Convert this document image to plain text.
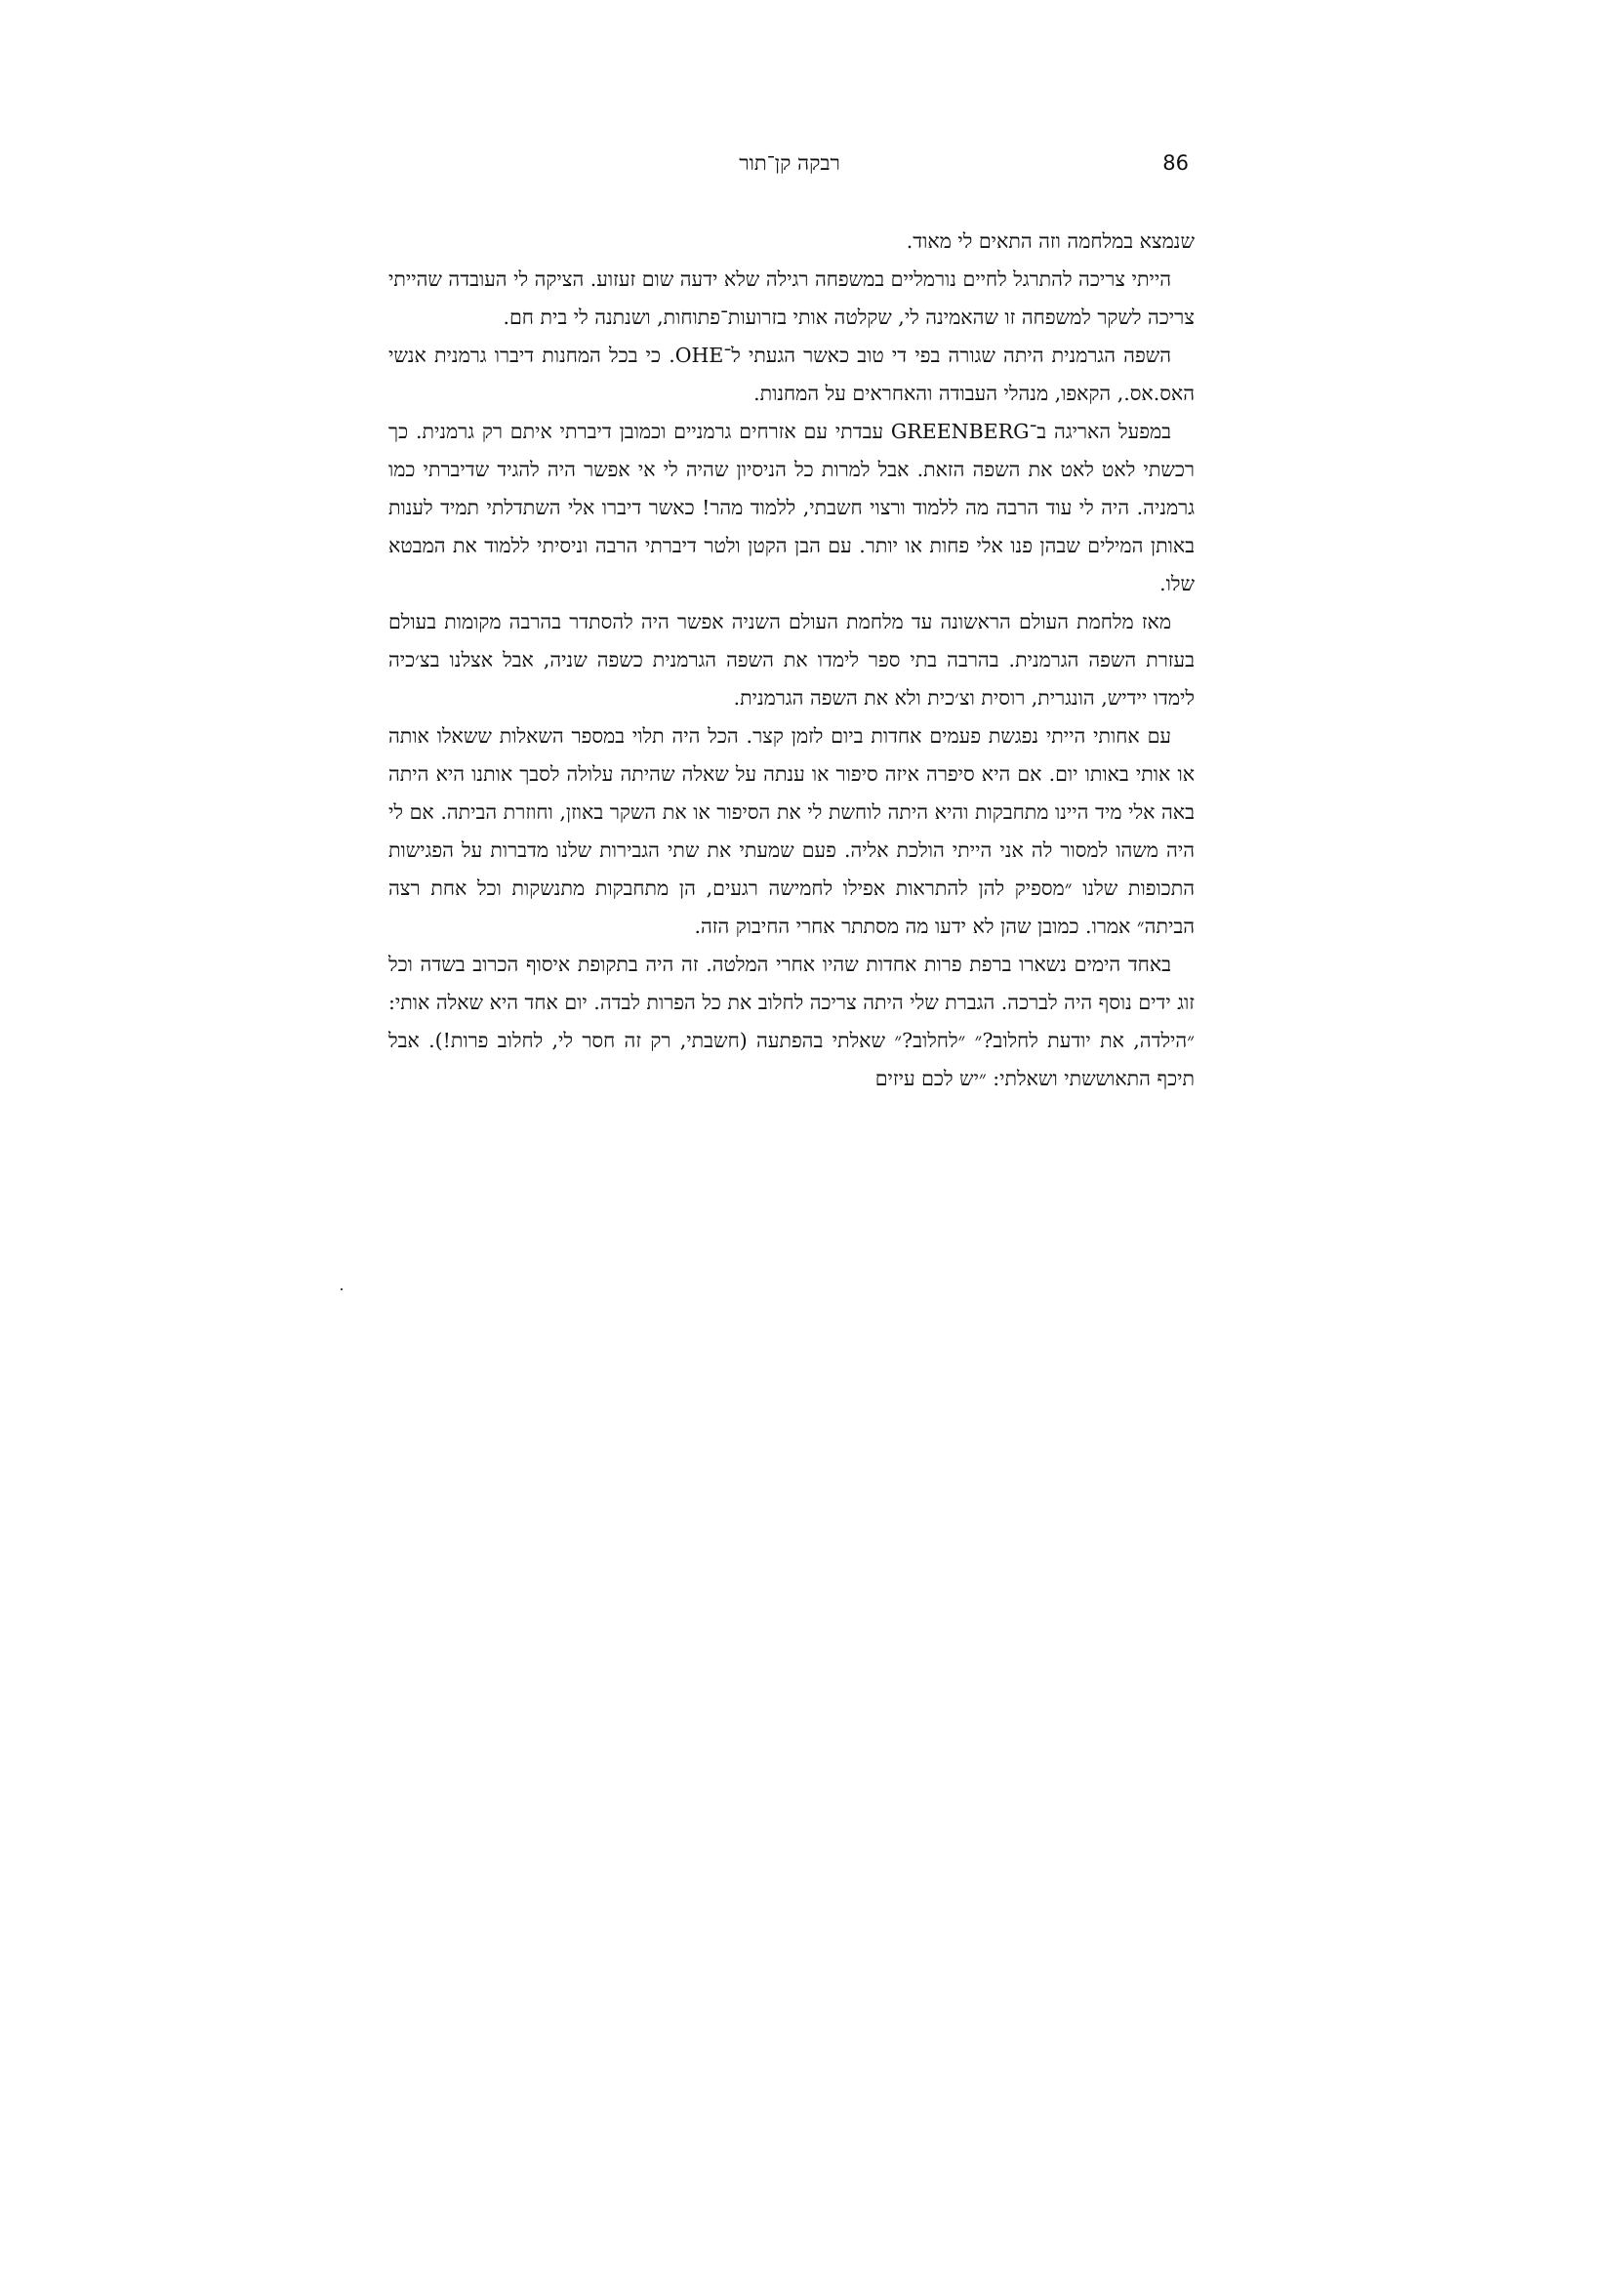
86
רבקה קן־תור

שנמצא במלחמה וזה התאים לי מאוד.

הייתי צריכה להתרגל לחיים נורמליים במשפחה רגילה שלא ידעה שום זעזוע. הציקה לי העובדה שהייתי צריכה לשקר למשפחה זו שהאמינה לי, שקלטה אותי בזרועות־פתוחות, ושנתנה לי בית חם.

השפה הגרמנית היתה שגורה בפי די טוב כאשר הגעתי ל־OHE. כי בכל המחנות דיברו גרמנית אנשי האס.אס., הקאפו, מנהלי העבודה והאחראים על המחנות.

במפעל האריגה ב־GREENBERG עבדתי עם אזרחים גרמניים וכמובן דיברתי איתם רק גרמנית. כך רכשתי לאט לאט את השפה הזאת. אבל למרות כל הניסיון שהיה לי אי אפשר היה להגיד שדיברתי כמו גרמניה. היה לי עוד הרבה מה ללמוד ורצוי חשבתי, ללמוד מהר! כאשר דיברו אלי השתדלתי תמיד לענות באותן המילים שבהן פנו אלי פחות או יותר. עם הבן הקטן ולטר דיברתי הרבה וניסיתי ללמוד את המבטא שלו.

מאז מלחמת העולם הראשונה עד מלחמת העולם השניה אפשר היה להסתדר בהרבה מקומות בעולם בעזרת השפה הגרמנית. בהרבה בתי ספר לימדו את השפה הגרמנית כשפה שניה, אבל אצלנו בצ׳כיה לימדו יידיש, הונגרית, רוסית וצ׳כית ולא את השפה הגרמנית.

עם אחותי הייתי נפגשת פעמים אחדות ביום לזמן קצר. הכל היה תלוי במספר השאלות ששאלו אותה או אותי באותו יום. אם היא סיפרה איזה סיפור או ענתה על שאלה שהיתה עלולה לסבך אותנו היא היתה באה אלי מיד היינו מתחבקות והיא היתה לוחשת לי את הסיפור או את השקר באוזן, וחוזרת הביתה. אם לי היה משהו למסור לה אני הייתי הולכת אליה. פעם שמעתי את שתי הגבירות שלנו מדברות על הפגישות התכופות שלנו ״מספיק להן להתראות אפילו לחמישה רגעים, הן מתחבקות מתנשקות וכל אחת רצה הביתה״ אמרו. כמובן שהן לא ידעו מה מסתתר אחרי החיבוק הזה.

באחד הימים נשארו ברפת פרות אחדות שהיו אחרי המלטה. זה היה בתקופת איסוף הכרוב בשדה וכל זוג ידים נוסף היה לברכה. הגברת שלי היתה צריכה לחלוב את כל הפרות לבדה. יום אחד היא שאלה אותי: ״הילדה, את יודעת לחלוב?״ ״לחלוב?״ שאלתי בהפתעה (חשבתי, רק זה חסר לי, לחלוב פרות!). אבל תיכף התאוששתי ושאלתי: ״יש לכם עיזים
